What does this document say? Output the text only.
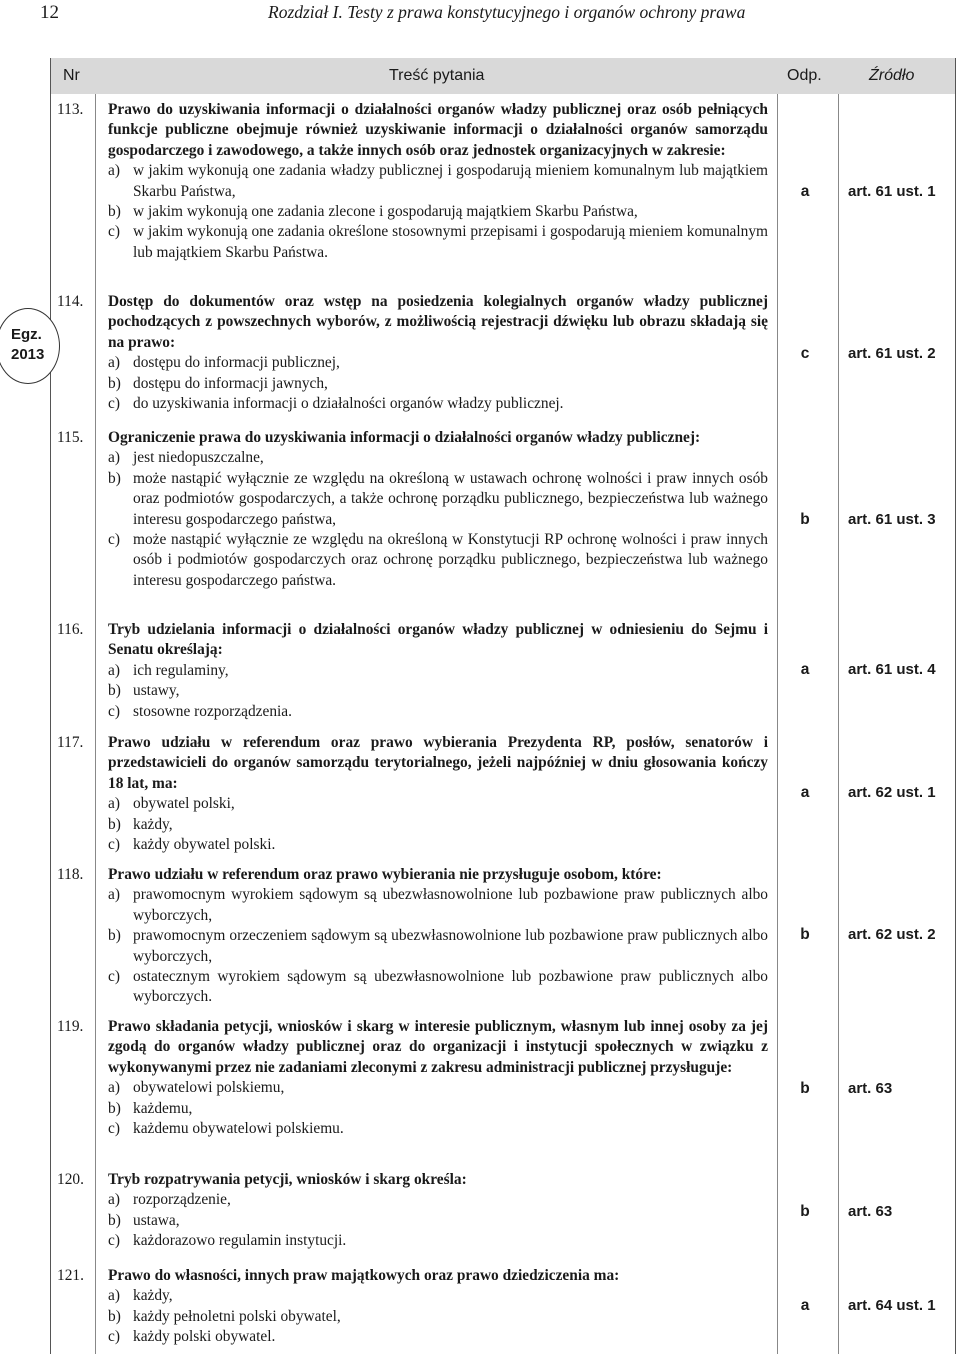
12	Rozdział I. Testy z prawa konstytucyjnego i organów ochrony prawa
Nr	Treść pytania	Odp.	Źródło
113. Prawo do uzyskiwania informacji o działalności organów władzy publicznej oraz osób pełniących funkcje publiczne obejmuje również uzyskiwanie informacji o działalności organów samorządu gospodarczego i zawodowego, a także innych osób oraz jednostek organizacyjnych w zakresie:
a) w jakim wykonują one zadania władzy publicznej i gospodarują mieniem komunalnym lub majątkiem Skarbu Państwa,
b) w jakim wykonują one zadania zlecone i gospodarują majątkiem Skarbu Państwa,
c) w jakim wykonują one zadania określone stosownymi przepisami i gospodarują mieniem komunalnym lub majątkiem Skarbu Państwa.
a	art. 61 ust. 1
114. Dostęp do dokumentów oraz wstęp na posiedzenia kolegialnych organów władzy publicznej pochodzących z powszechnych wyborów, z możliwością rejestracji dźwięku lub obrazu składają się na prawo:
a) dostępu do informacji publicznej,
b) dostępu do informacji jawnych,
c) do uzyskiwania informacji o działalności organów władzy publicznej.
c	art. 61 ust. 2
115. Ograniczenie prawa do uzyskiwania informacji o działalności organów władzy publicznej:
a) jest niedopuszczalne,
b) może nastąpić wyłącznie ze względu na określoną w ustawach ochronę wolności i praw innych osób oraz podmiotów gospodarczych, a także ochronę porządku publicznego, bezpieczeństwa lub ważnego interesu gospodarczego państwa,
c) może nastąpić wyłącznie ze względu na określoną w Konstytucji RP ochronę wolności i praw innych osób i podmiotów gospodarczych oraz ochronę porządku publicznego, bezpieczeństwa lub ważnego interesu gospodarczego państwa.
b	art. 61 ust. 3
116. Tryb udzielania informacji o działalności organów władzy publicznej w odniesieniu do Sejmu i Senatu określają:
a) ich regulaminy,
b) ustawy,
c) stosowne rozporządzenia.
a	art. 61 ust. 4
117. Prawo udziału w referendum oraz prawo wybierania Prezydenta RP, posłów, senatorów i przedstawicieli do organów samorządu terytorialnego, jeżeli najpóźniej w dniu głosowania kończy 18 lat, ma:
a) obywatel polski,
b) każdy,
c) każdy obywatel polski.
a	art. 62 ust. 1
118. Prawo udziału w referendum oraz prawo wybierania nie przysługuje osobom, które:
a) prawomocnym wyrokiem sądowym są ubezwłasnowolnione lub pozbawione praw publicznych albo wyborczych,
b) prawomocnym orzeczeniem sądowym są ubezwłasnowolnione lub pozbawione praw publicznych albo wyborczych,
c) ostatecznym wyrokiem sądowym są ubezwłasnowolnione lub pozbawione praw publicznych albo wyborczych.
b	art. 62 ust. 2
119. Prawo składania petycji, wniosków i skarg w interesie publicznym, własnym lub innej osoby za jej zgodą do organów władzy publicznej oraz do organizacji i instytucji społecznych w związku z wykonywanymi przez nie zadaniami zleconymi z zakresu administracji publicznej przysługuje:
a) obywatelowi polskiemu,
b) każdemu,
c) każdemu obywatelowi polskiemu.
b	art. 63
120. Tryb rozpatrywania petycji, wniosków i skarg określa:
a) rozporządzenie,
b) ustawa,
c) każdorazowo regulamin instytucji.
b	art. 63
121. Prawo do własności, innych praw majątkowych oraz prawo dziedziczenia ma:
a) każdy,
b) każdy pełnoletni polski obywatel,
c) każdy polski obywatel.
a	art. 64 ust. 1
Egz.
2013
